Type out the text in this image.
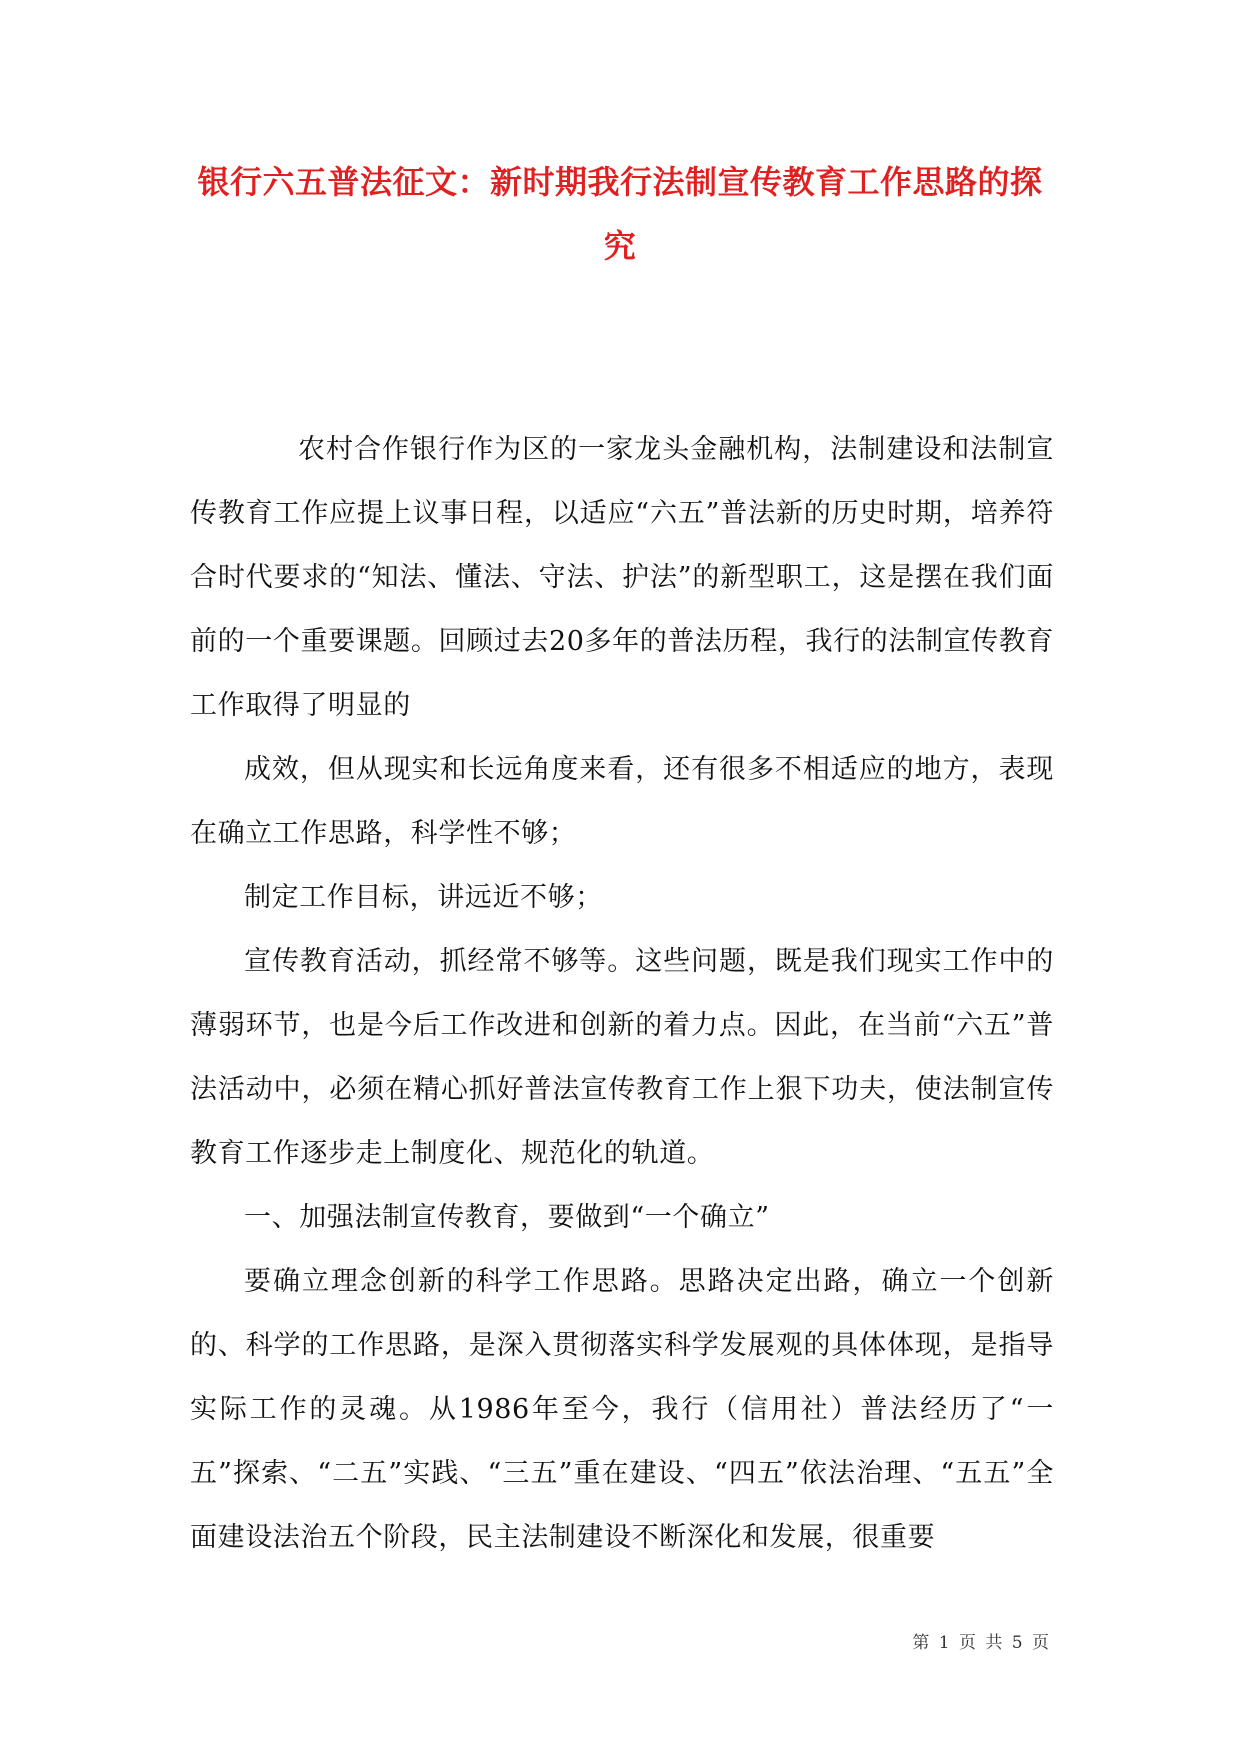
银行六五普法征文：新时期我行法制宣传教育工作思路的探
究

农村合作银行作为区的一家龙头金融机构，法制建设和法制宣传教育工作应提上议事日程，以适应“六五”普法新的历史时期，培养符合时代要求的“知法、懂法、守法、护法”的新型职工，这是摆在我们面前的一个重要课题。回顾过去20多年的普法历程，我行的法制宣传教育工作取得了明显的

成效，但从现实和长远角度来看，还有很多不相适应的地方，表现在确立工作思路，科学性不够；

制定工作目标，讲远近不够；

宣传教育活动，抓经常不够等。这些问题，既是我们现实工作中的薄弱环节，也是今后工作改进和创新的着力点。因此，在当前“六五”普法活动中，必须在精心抓好普法宣传教育工作上狠下功夫，使法制宣传教育工作逐步走上制度化、规范化的轨道。

一、加强法制宣传教育，要做到“一个确立”

要确立理念创新的科学工作思路。思路决定出路，确立一个创新的、科学的工作思路，是深入贯彻落实科学发展观的具体体现，是指导实际工作的灵魂。从1986年至今，我行（信用社）普法经历了“一五”探索、“二五”实践、“三五”重在建设、“四五”依法治理、“五五”全面建设法治五个阶段，民主法制建设不断深化和发展，很重要

第 1 页 共 5 页
